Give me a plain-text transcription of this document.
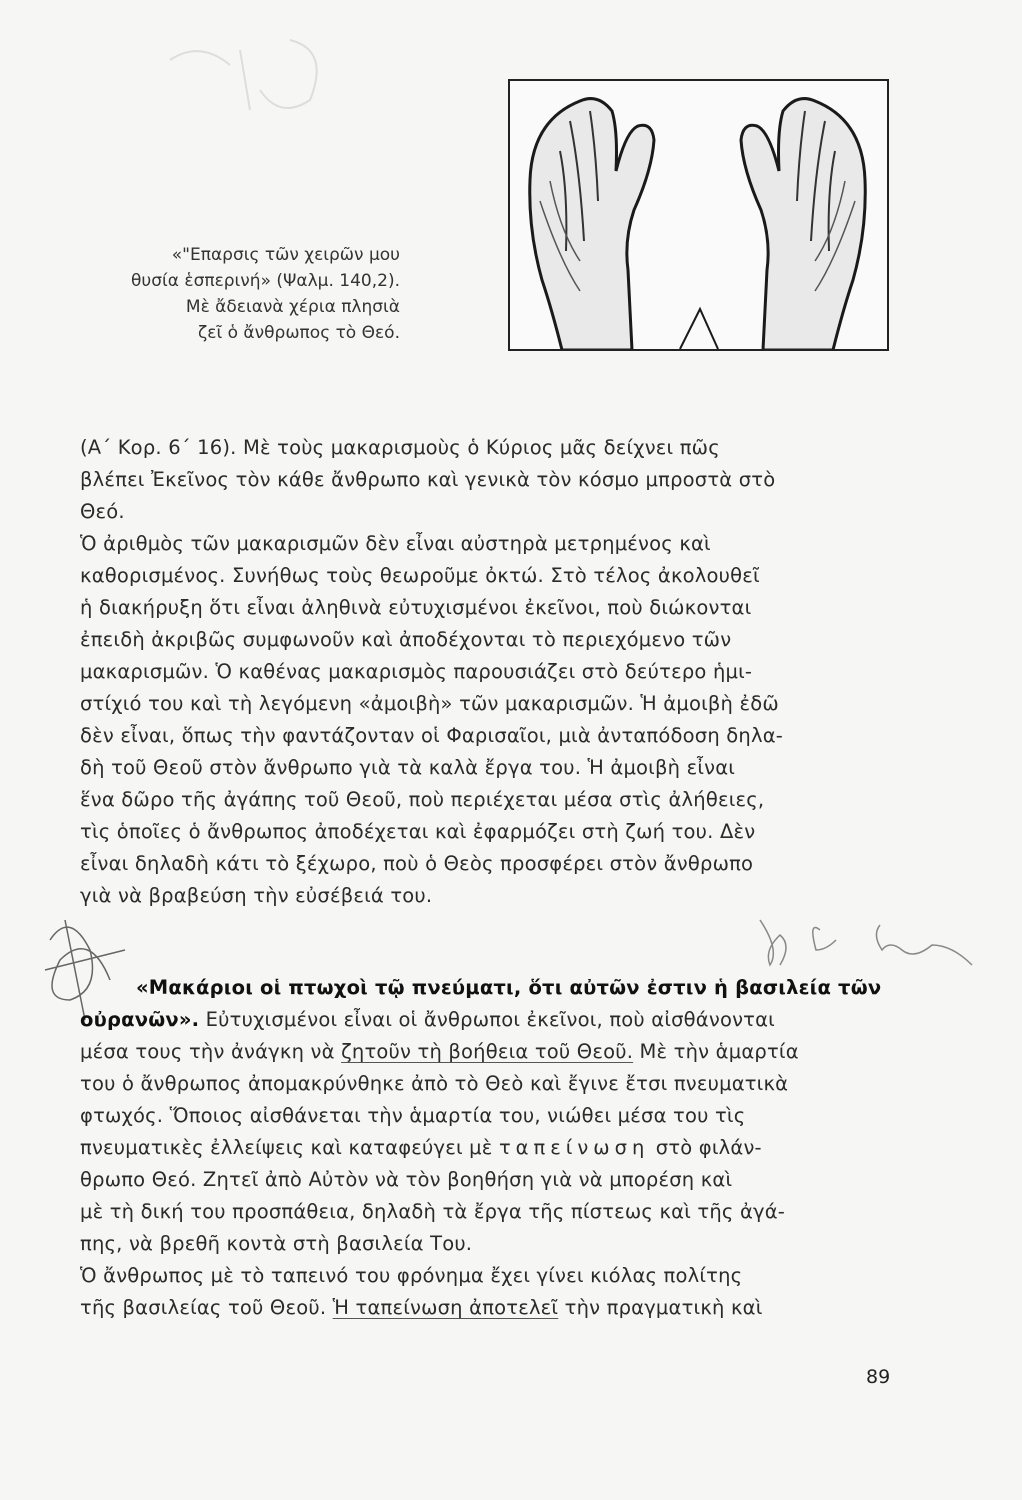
«"Επαρσις τῶν χειρῶν μου
θυσία ἑσπερινή» (Ψαλμ. 140,2).
Μὲ ἄδειανὰ χέρια πλησιὰ
ζεῖ ὁ ἄνθρωπος τὸ Θεό.
(Α΄ Κορ. 6΄ 16). Μὲ τοὺς μακαρισμοὺς ὁ Κύριος μᾶς δείχνει πῶς
βλέπει Ἐκεῖνος τὸν κάθε ἄνθρωπο καὶ γενικὰ τὸν κόσμο μπροστὰ στὸ
Θεό.
Ὁ ἀριθμὸς τῶν μακαρισμῶν δὲν εἶναι αὐστηρὰ μετρημένος καὶ
καθορισμένος. Συνήθως τοὺς θεωροῦμε ὀκτώ. Στὸ τέλος ἀκολουθεῖ
ἡ διακήρυξη ὅτι εἶναι ἀληθινὰ εὐτυχισμένοι ἐκεῖνοι, ποὺ διώκονται
ἐπειδὴ ἀκριβῶς συμφωνοῦν καὶ ἀποδέχονται τὸ περιεχόμενο τῶν
μακαρισμῶν. Ὁ καθένας μακαρισμὸς παρουσιάζει στὸ δεύτερο ἡμι-
στίχιό του καὶ τὴ λεγόμενη «ἀμοιβὴ» τῶν μακαρισμῶν. Ἡ ἀμοιβὴ ἐδῶ
δὲν εἶναι, ὅπως τὴν φαντάζονταν οἱ Φαρισαῖοι, μιὰ ἀνταπόδοση δηλα-
δὴ τοῦ Θεοῦ στὸν ἄνθρωπο γιὰ τὰ καλὰ ἔργα του. Ἡ ἀμοιβὴ εἶναι
ἕνα δῶρο τῆς ἀγάπης τοῦ Θεοῦ, ποὺ περιέχεται μέσα στὶς ἀλήθειες,
τὶς ὁποῖες ὁ ἄνθρωπος ἀποδέχεται καὶ ἐφαρμόζει στὴ ζωή του. Δὲν
εἶναι δηλαδὴ κάτι τὸ ξέχωρο, ποὺ ὁ Θεὸς προσφέρει στὸν ἄνθρωπο
γιὰ νὰ βραβεύση τὴν εὐσέβειά του.
«Μακάριοι οἱ πτωχοὶ τῷ πνεύματι, ὅτι αὐτῶν ἐστιν ἡ βασιλεία τῶν
οὐρανῶν». Εὐτυχισμένοι εἶναι οἱ ἄνθρωποι ἐκεῖνοι, ποὺ αἰσθάνονται
μέσα τους τὴν ἀνάγκη νὰ ζητοῦν τὴ βοήθεια τοῦ Θεοῦ. Μὲ τὴν ἁμαρτία
του ὁ ἄνθρωπος ἀπομακρύνθηκε ἀπὸ τὸ Θεὸ καὶ ἔγινε ἔτσι πνευματικὰ
φτωχός. Ὅποιος αἰσθάνεται τὴν ἁμαρτία του, νιώθει μέσα του τὶς
πνευματικὲς ἐλλείψεις καὶ καταφεύγει μὲ ταπείνωση στὸ φιλάν-
θρωπο Θεό. Ζητεῖ ἀπὸ Αὐτὸν νὰ τὸν βοηθήση γιὰ νὰ μπορέση καὶ
μὲ τὴ δική του προσπάθεια, δηλαδὴ τὰ ἔργα τῆς πίστεως καὶ τῆς ἀγά-
πης, νὰ βρεθῆ κοντὰ στὴ βασιλεία Του.
Ὁ ἄνθρωπος μὲ τὸ ταπεινό του φρόνημα ἔχει γίνει κιόλας πολίτης
τῆς βασιλείας τοῦ Θεοῦ. Ἡ ταπείνωση ἀποτελεῖ τὴν πραγματικὴ καὶ
89
